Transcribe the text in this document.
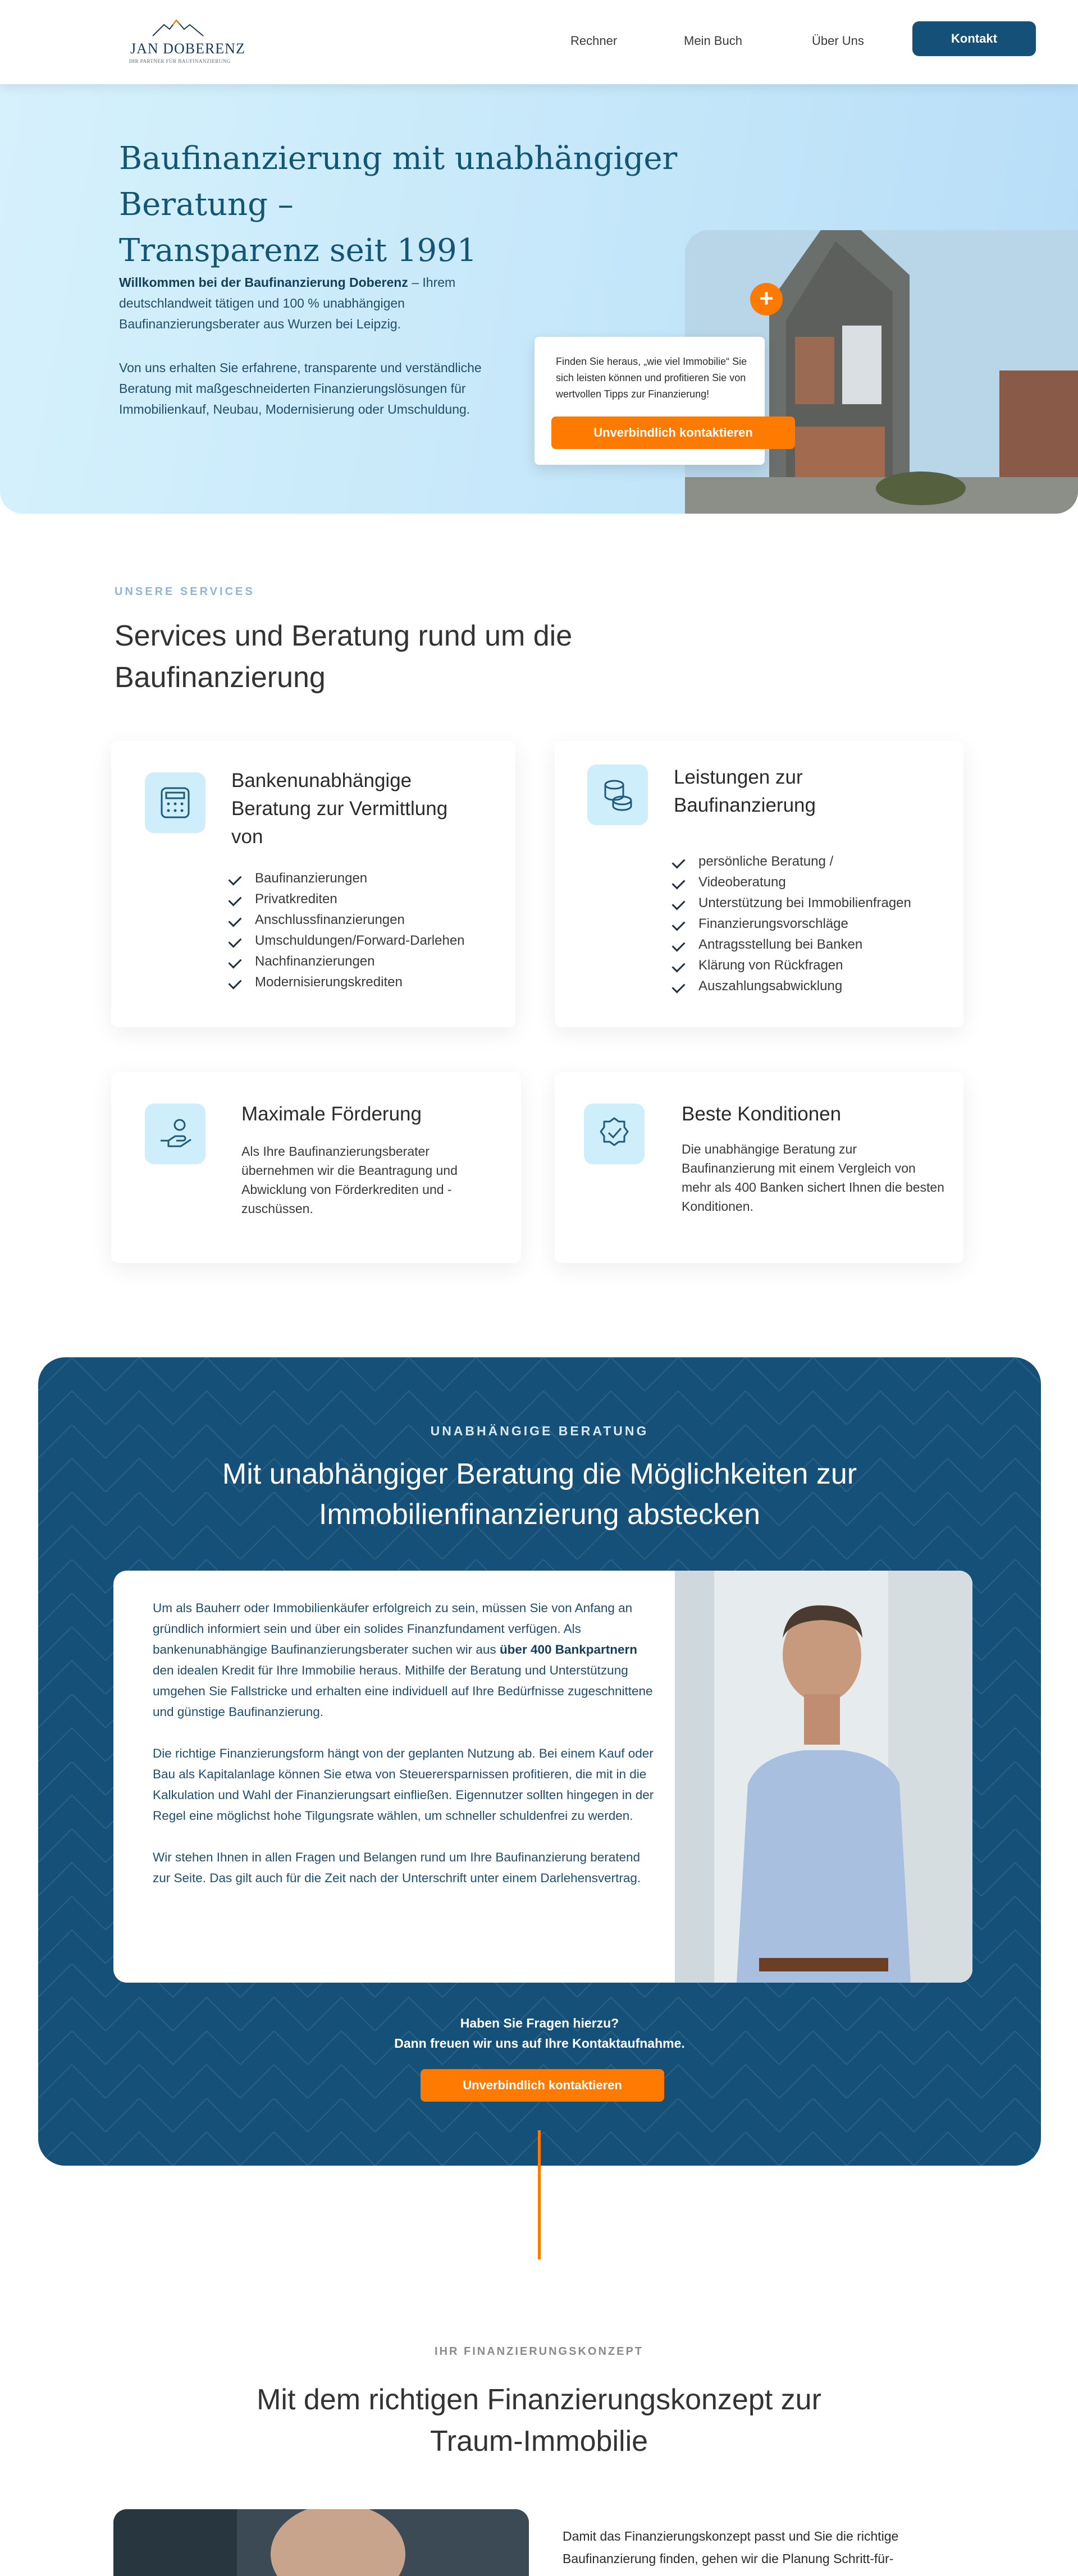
JAN DOBERENZ
IHR PARTNER FÜR BAUFINANZIERUNG
Rechner	Mein Buch	Über Uns	Kontakt
Baufinanzierung mit unabhängiger Beratung –
Transparenz seit 1991
Willkommen bei der Baufinanzierung Doberenz – Ihrem deutschlandweit tätigen und 100 % unabhängigen Baufinanzierungsberater aus Wurzen bei Leipzig.
Von uns erhalten Sie erfahrene, transparente und verständliche Beratung mit maßgeschneiderten Finanzierungslösungen für Immobilienkauf, Neubau, Modernisierung oder Umschuldung.
+
Finden Sie heraus, „wie viel Immobilie“ Sie sich leisten können und profitieren Sie von wertvollen Tipps zur Finanzierung!
Unverbindlich kontaktieren
UNSERE SERVICES
Services und Beratung rund um die
Baufinanzierung
Bankenunabhängige Beratung zur Vermittlung von
Baufinanzierungen
Privatkrediten
Anschlussfinanzierungen
Umschuldungen/Forward-Darlehen
Nachfinanzierungen
Modernisierungskrediten
Leistungen zur Baufinanzierung
persönliche Beratung /
Videoberatung
Unterstützung bei Immobilienfragen
Finanzierungsvorschläge
Antragsstellung bei Banken
Klärung von Rückfragen
Auszahlungsabwicklung
Maximale Förderung
Als Ihre Baufinanzierungsberater übernehmen wir die Beantragung und Abwicklung von Förderkrediten und -zuschüssen.
Beste Konditionen
Die unabhängige Beratung zur Baufinanzierung mit einem Vergleich von mehr als 400 Banken sichert Ihnen die besten Konditionen.
UNABHÄNGIGE BERATUNG
Mit unabhängiger Beratung die Möglichkeiten zur
Immobilienfinanzierung abstecken

Um als Bauherr oder Immobilienkäufer erfolgreich zu sein, müssen Sie von Anfang an gründlich informiert sein und über ein solides Finanzfundament verfügen. Als bankenunabhängige Baufinanzierungsberater suchen wir aus über 400 Bankpartnern den idealen Kredit für Ihre Immobilie heraus. Mithilfe der Beratung und Unterstützung umgehen Sie Fallstricke und erhalten eine individuell auf Ihre Bedürfnisse zugeschnittene und günstige Baufinanzierung.

Die richtige Finanzierungsform hängt von der geplanten Nutzung ab. Bei einem Kauf oder Bau als Kapitalanlage können Sie etwa von Steuerersparnissen profitieren, die mit in die Kalkulation und Wahl der Finanzierungsart einfließen. Eigennutzer sollten hingegen in der Regel eine möglichst hohe Tilgungsrate wählen, um schneller schuldenfrei zu werden.

Wir stehen Ihnen in allen Fragen und Belangen rund um Ihre Baufinanzierung beratend zur Seite. Das gilt auch für die Zeit nach der Unterschrift unter einem Darlehensvertrag.

Haben Sie Fragen hierzu?
Dann freuen wir uns auf Ihre Kontaktaufnahme.
Unverbindlich kontaktieren
IHR FINANZIERUNGSKONZEPT
Mit dem richtigen Finanzierungskonzept zur
Traum-Immobilie
Damit das Finanzierungskonzept passt und Sie die richtige Baufinanzierung finden, gehen wir die Planung Schritt-für-
